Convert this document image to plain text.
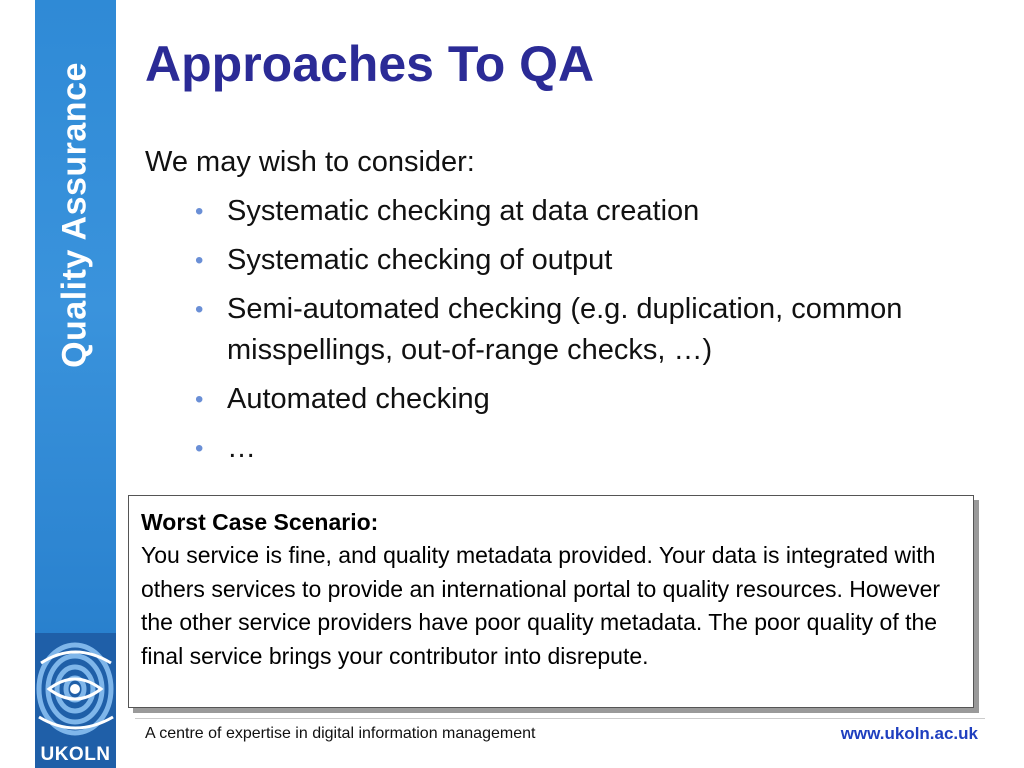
Quality Assurance
UKOLN
Approaches To QA
We may wish to consider:
• Systematic checking at data creation
• Systematic checking of output
• Semi-automated checking (e.g. duplication, common misspellings, out-of-range checks, …)
• Automated checking
• …
Worst Case Scenario:
You service is fine, and quality metadata provided. Your data is integrated with others services to provide an international portal to quality resources. However the other service providers have poor quality metadata. The poor quality of the final service brings your contributor into disrepute.
A centre of expertise in digital information management	www.ukoln.ac.uk
